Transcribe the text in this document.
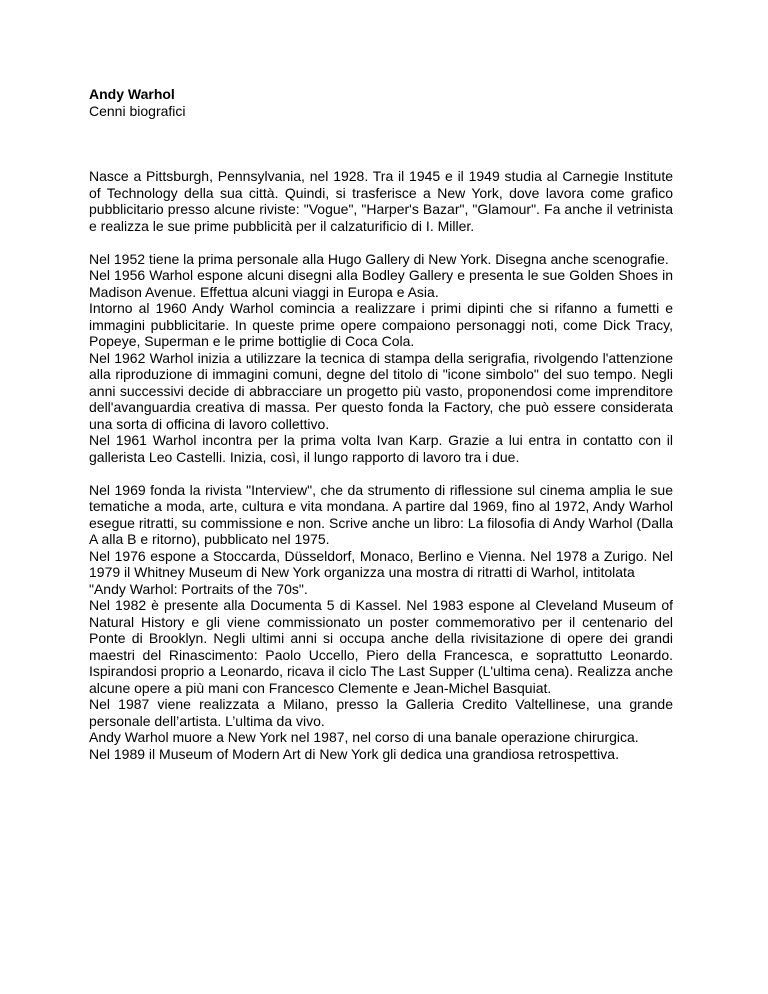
Andy Warhol

Cenni biografici

Nasce a Pittsburgh, Pennsylvania, nel 1928. Tra il 1945 e il 1949 studia al Carnegie Institute of Technology della sua città. Quindi, si trasferisce a New York, dove lavora come grafico pubblicitario presso alcune riviste: "Vogue", "Harper's Bazar", "Glamour". Fa anche il vetrinista e realizza le sue prime pubblicità per il calzaturificio di I. Miller.
Nel 1952 tiene la prima personale alla Hugo Gallery di New York. Disegna anche scenografie.
Nel 1956 Warhol espone alcuni disegni alla Bodley Gallery e presenta le sue Golden Shoes in Madison Avenue. Effettua alcuni viaggi in Europa e Asia.
Intorno al 1960 Andy Warhol comincia a realizzare i primi dipinti che si rifanno a fumetti e immagini pubblicitarie. In queste prime opere compaiono personaggi noti, come Dick Tracy, Popeye, Superman e le prime bottiglie di Coca Cola.
Nel 1962 Warhol inizia a utilizzare la tecnica di stampa della serigrafia, rivolgendo l'attenzione alla riproduzione di immagini comuni, degne del titolo di "icone simbolo" del suo tempo. Negli anni successivi decide di abbracciare un progetto più vasto, proponendosi come imprenditore dell'avanguardia creativa di massa. Per questo fonda la Factory, che può essere considerata una sorta di officina di lavoro collettivo.
Nel 1961 Warhol incontra per la prima volta Ivan Karp. Grazie a lui entra in contatto con il gallerista Leo Castelli. Inizia, così, il lungo rapporto di lavoro tra i due.
Nel 1969 fonda la rivista "Interview", che da strumento di riflessione sul cinema amplia le sue tematiche a moda, arte, cultura e vita mondana. A partire dal 1969, fino al 1972, Andy Warhol esegue ritratti, su commissione e non. Scrive anche un libro: La filosofia di Andy Warhol (Dalla A alla B e ritorno), pubblicato nel 1975.
Nel 1976 espone a Stoccarda, Düsseldorf, Monaco, Berlino e Vienna. Nel 1978 a Zurigo. Nel 1979 il Whitney Museum di New York organizza una mostra di ritratti di Warhol, intitolata
"Andy Warhol: Portraits of the 70s".
Nel 1982 è presente alla Documenta 5 di Kassel. Nel 1983 espone al Cleveland Museum of Natural History e gli viene commissionato un poster commemorativo per il centenario del Ponte di Brooklyn. Negli ultimi anni si occupa anche della rivisitazione di opere dei grandi maestri del Rinascimento: Paolo Uccello, Piero della Francesca, e soprattutto Leonardo. Ispirandosi proprio a Leonardo, ricava il ciclo The Last Supper (L'ultima cena). Realizza anche alcune opere a più mani con Francesco Clemente e Jean-Michel Basquiat.
Nel 1987 viene realizzata a Milano, presso la Galleria Credito Valtellinese, una grande personale dell’artista. L’ultima da vivo.
Andy Warhol muore a New York nel 1987, nel corso di una banale operazione chirurgica.
Nel 1989 il Museum of Modern Art di New York gli dedica una grandiosa retrospettiva.
